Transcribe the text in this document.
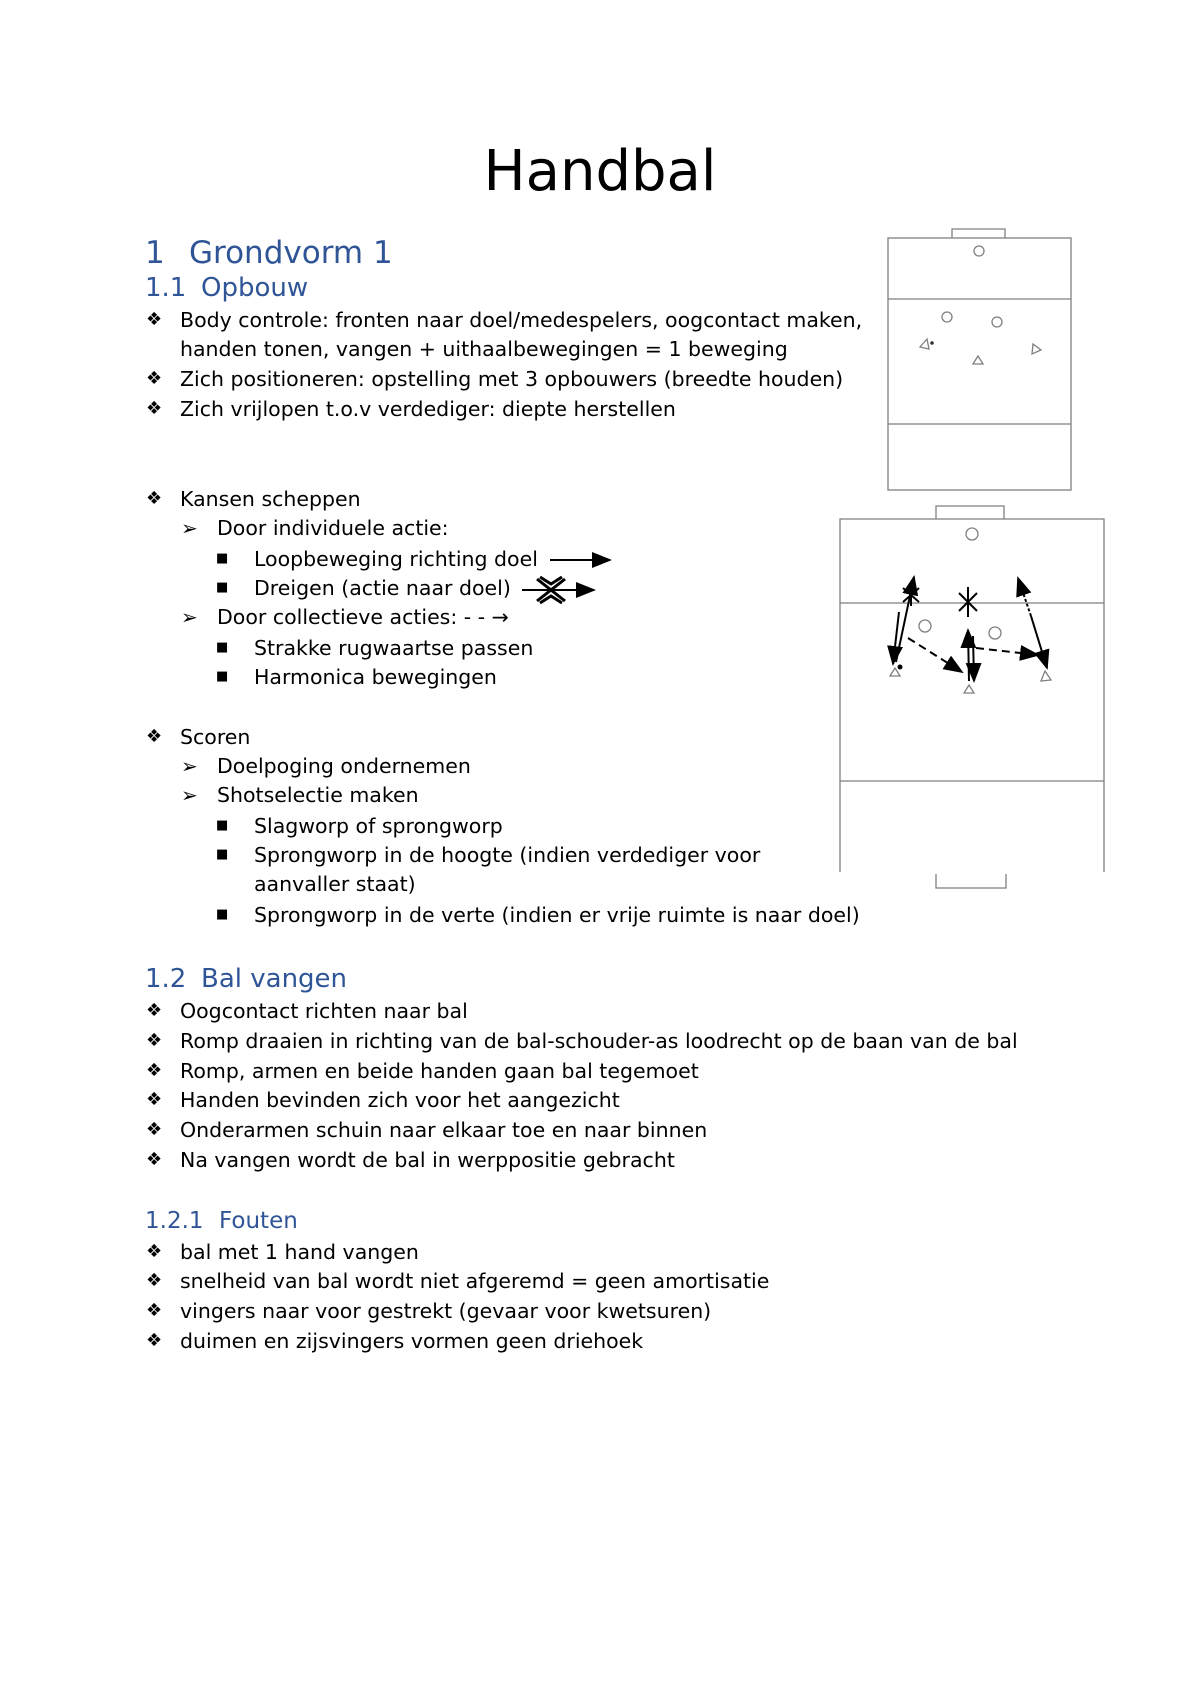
Handbal
1 Grondvorm 1
1.1 Opbouw
❖ Body controle: fronten naar doel/medespelers, oogcontact maken,
handen tonen, vangen + uithaalbewegingen = 1 beweging
❖ Zich positioneren: opstelling met 3 opbouwers (breedte houden)
❖ Zich vrijlopen t.o.v verdediger: diepte herstellen
❖ Kansen scheppen
➢ Door individuele actie:
■ Loopbeweging richting doel
■ Dreigen (actie naar doel)
➢ Door collectieve acties: - - →
■ Strakke rugwaartse passen
■ Harmonica bewegingen
❖ Scoren
➢ Doelpoging ondernemen
➢ Shotselectie maken
■ Slagworp of sprongworp
■ Sprongworp in de hoogte (indien verdediger voor
aanvaller staat)
■ Sprongworp in de verte (indien er vrije ruimte is naar doel)
1.2 Bal vangen
❖ Oogcontact richten naar bal
❖ Romp draaien in richting van de bal-schouder-as loodrecht op de baan van de bal
❖ Romp, armen en beide handen gaan bal tegemoet
❖ Handen bevinden zich voor het aangezicht
❖ Onderarmen schuin naar elkaar toe en naar binnen
❖ Na vangen wordt de bal in werppositie gebracht
1.2.1 Fouten
❖ bal met 1 hand vangen
❖ snelheid van bal wordt niet afgeremd = geen amortisatie
❖ vingers naar voor gestrekt (gevaar voor kwetsuren)
❖ duimen en zijsvingers vormen geen driehoek
